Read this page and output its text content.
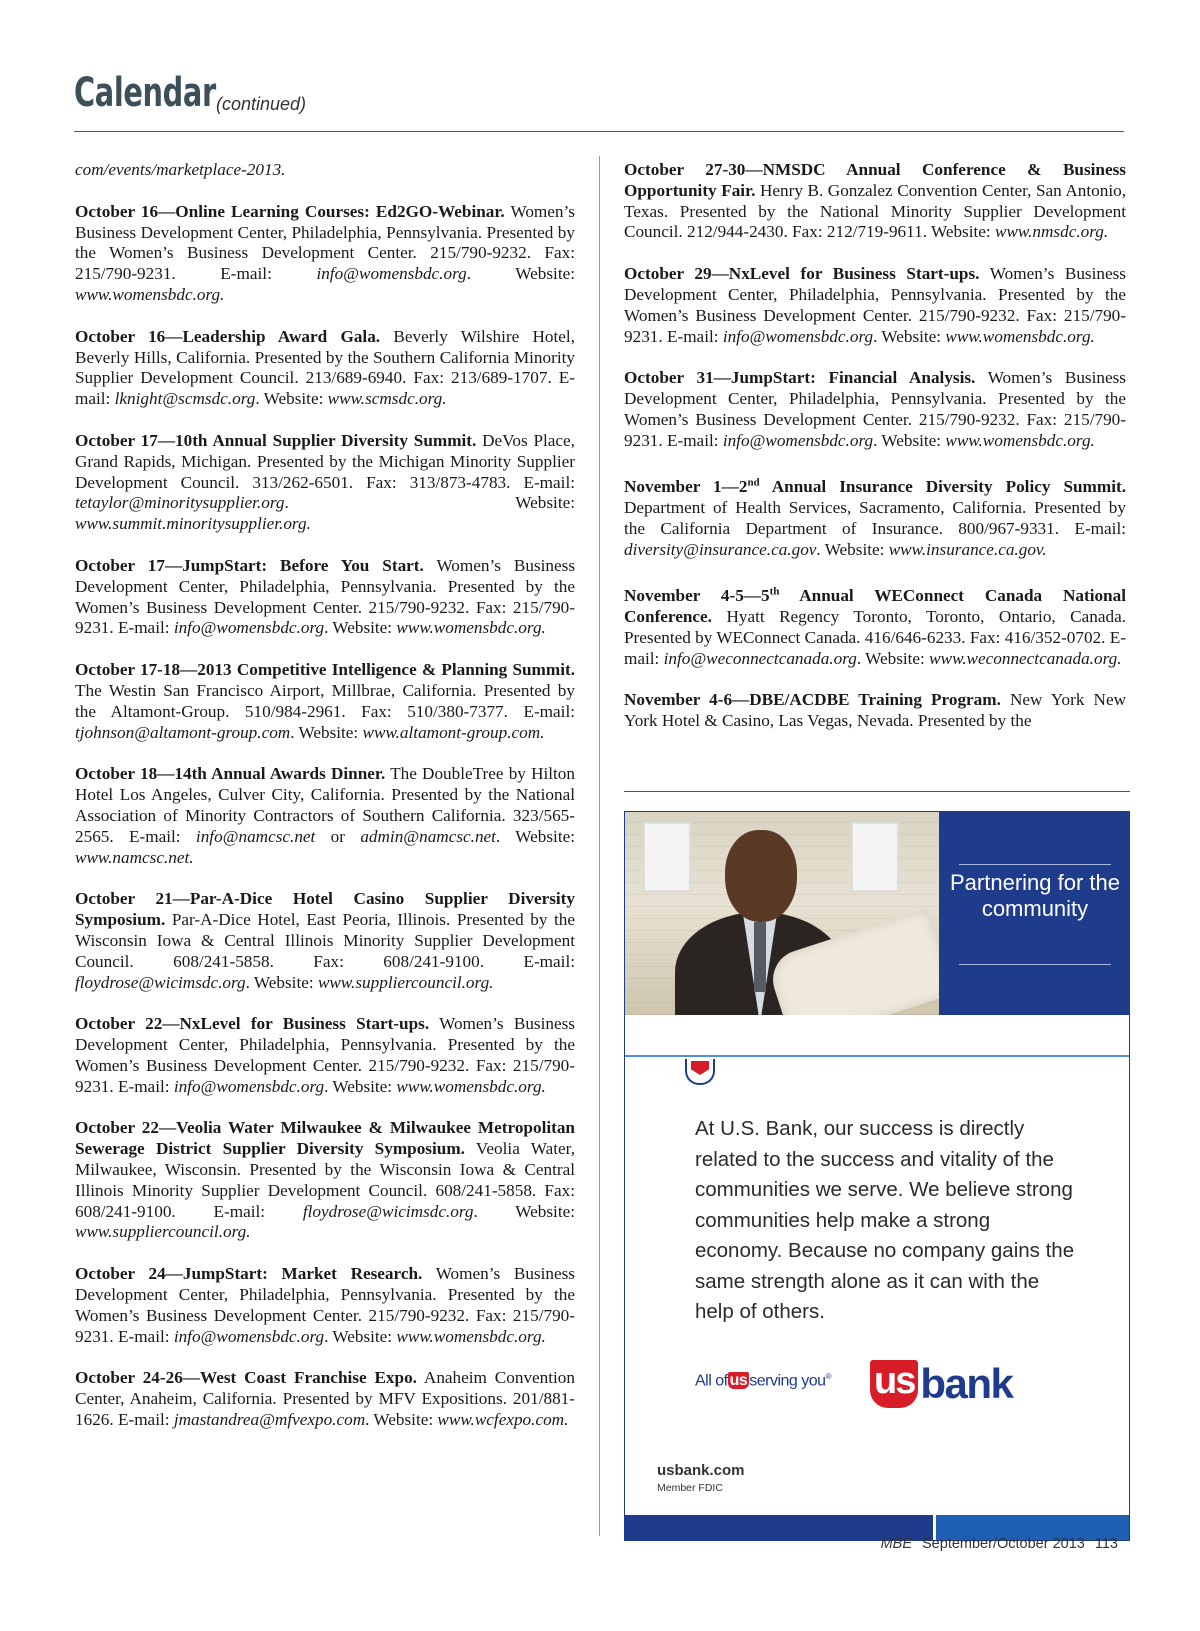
Calendar (continued)

com/events/marketplace-2013.

October 16—Online Learning Courses: Ed2GO-Webinar. Women’s Business Development Center, Philadelphia, Pennsylvania. Presented by the Women’s Business Development Center. 215/790-9232. Fax: 215/790-9231. E-mail: info@womensbdc.org. Website: www.womensbdc.org.

October 16—Leadership Award Gala. Beverly Wilshire Hotel, Beverly Hills, California. Presented by the Southern California Minority Supplier Development Council. 213/689-6940. Fax: 213/689-1707. E-mail: lknight@scmsdc.org. Website: www.scmsdc.org.

October 17—10th Annual Supplier Diversity Summit. DeVos Place, Grand Rapids, Michigan. Presented by the Michigan Minority Supplier Development Council. 313/262-6501. Fax: 313/873-4783. E-mail: tetaylor@minoritysupplier.org. Website: www.summit.minoritysupplier.org.

October 17—JumpStart: Before You Start. Women’s Business Development Center, Philadelphia, Pennsylvania. Presented by the Women’s Business Development Center. 215/790-9232. Fax: 215/790-9231. E-mail: info@womensbdc.org. Website: www.womensbdc.org.

October 17-18—2013 Competitive Intelligence & Planning Summit. The Westin San Francisco Airport, Millbrae, California. Presented by the Altamont-Group. 510/984-2961. Fax: 510/380-7377. E-mail: tjohnson@altamont-group.com. Website: www.altamont-group.com.

October 18—14th Annual Awards Dinner. The DoubleTree by Hilton Hotel Los Angeles, Culver City, California. Presented by the National Association of Minority Contractors of Southern California. 323/565-2565. E-mail: info@namcsc.net or admin@namcsc.net. Website: www.namcsc.net.

October 21—Par-A-Dice Hotel Casino Supplier Diversity Symposium. Par-A-Dice Hotel, East Peoria, Illinois. Presented by the Wisconsin Iowa & Central Illinois Minority Supplier Development Council. 608/241-5858. Fax: 608/241-9100. E-mail: floydrose@wicimsdc.org. Website: www.suppliercouncil.org.

October 22—NxLevel for Business Start-ups. Women’s Business Development Center, Philadelphia, Pennsylvania. Presented by the Women’s Business Development Center. 215/790-9232. Fax: 215/790-9231. E-mail: info@womensbdc.org. Website: www.womensbdc.org.

October 22—Veolia Water Milwaukee & Milwaukee Metropolitan Sewerage District Supplier Diversity Symposium. Veolia Water, Milwaukee, Wisconsin. Presented by the Wisconsin Iowa & Central Illinois Minority Supplier Development Council. 608/241-5858. Fax: 608/241-9100. E-mail: floydrose@wicimsdc.org. Website: www.suppliercouncil.org.

October 24—JumpStart: Market Research. Women’s Business Development Center, Philadelphia, Pennsylvania. Presented by the Women’s Business Development Center. 215/790-9232. Fax: 215/790-9231. E-mail: info@womensbdc.org. Website: www.womensbdc.org.

October 24-26—West Coast Franchise Expo. Anaheim Convention Center, Anaheim, California. Presented by MFV Expositions. 201/881-1626. E-mail: jmastandrea@mfvexpo.com. Website: www.wcfexpo.com.

October 27-30—NMSDC Annual Conference & Business Opportunity Fair. Henry B. Gonzalez Convention Center, San Antonio, Texas. Presented by the National Minority Supplier Development Council. 212/944-2430. Fax: 212/719-9611. Website: www.nmsdc.org.

October 29—NxLevel for Business Start-ups. Women’s Business Development Center, Philadelphia, Pennsylvania. Presented by the Women’s Business Development Center. 215/790-9232. Fax: 215/790-9231. E-mail: info@womensbdc.org. Website: www.womensbdc.org.

October 31—JumpStart: Financial Analysis. Women’s Business Development Center, Philadelphia, Pennsylvania. Presented by the Women’s Business Development Center. 215/790-9232. Fax: 215/790-9231. E-mail: info@womensbdc.org. Website: www.womensbdc.org.

November 1—2nd Annual Insurance Diversity Policy Summit. Department of Health Services, Sacramento, California. Presented by the California Department of Insurance. 800/967-9331. E-mail: diversity@insurance.ca.gov. Website: www.insurance.ca.gov.

November 4-5—5th Annual WEConnect Canada National Conference. Hyatt Regency Toronto, Toronto, Ontario, Canada. Presented by WEConnect Canada. 416/646-6233. Fax: 416/352-0702. E-mail: info@weconnectcanada.org. Website: www.weconnectcanada.org.

November 4-6—DBE/ACDBE Training Program. New York New York Hotel & Casino, Las Vegas, Nevada. Presented by the

Partnering for the community
At U.S. Bank, our success is directly related to the success and vitality of the communities we serve. We believe strong communities help make a strong economy. Because no company gains the same strength alone as it can with the help of others.
All of us serving you® us bank
usbank.com
Member FDIC
MBE September/October 2013 113
